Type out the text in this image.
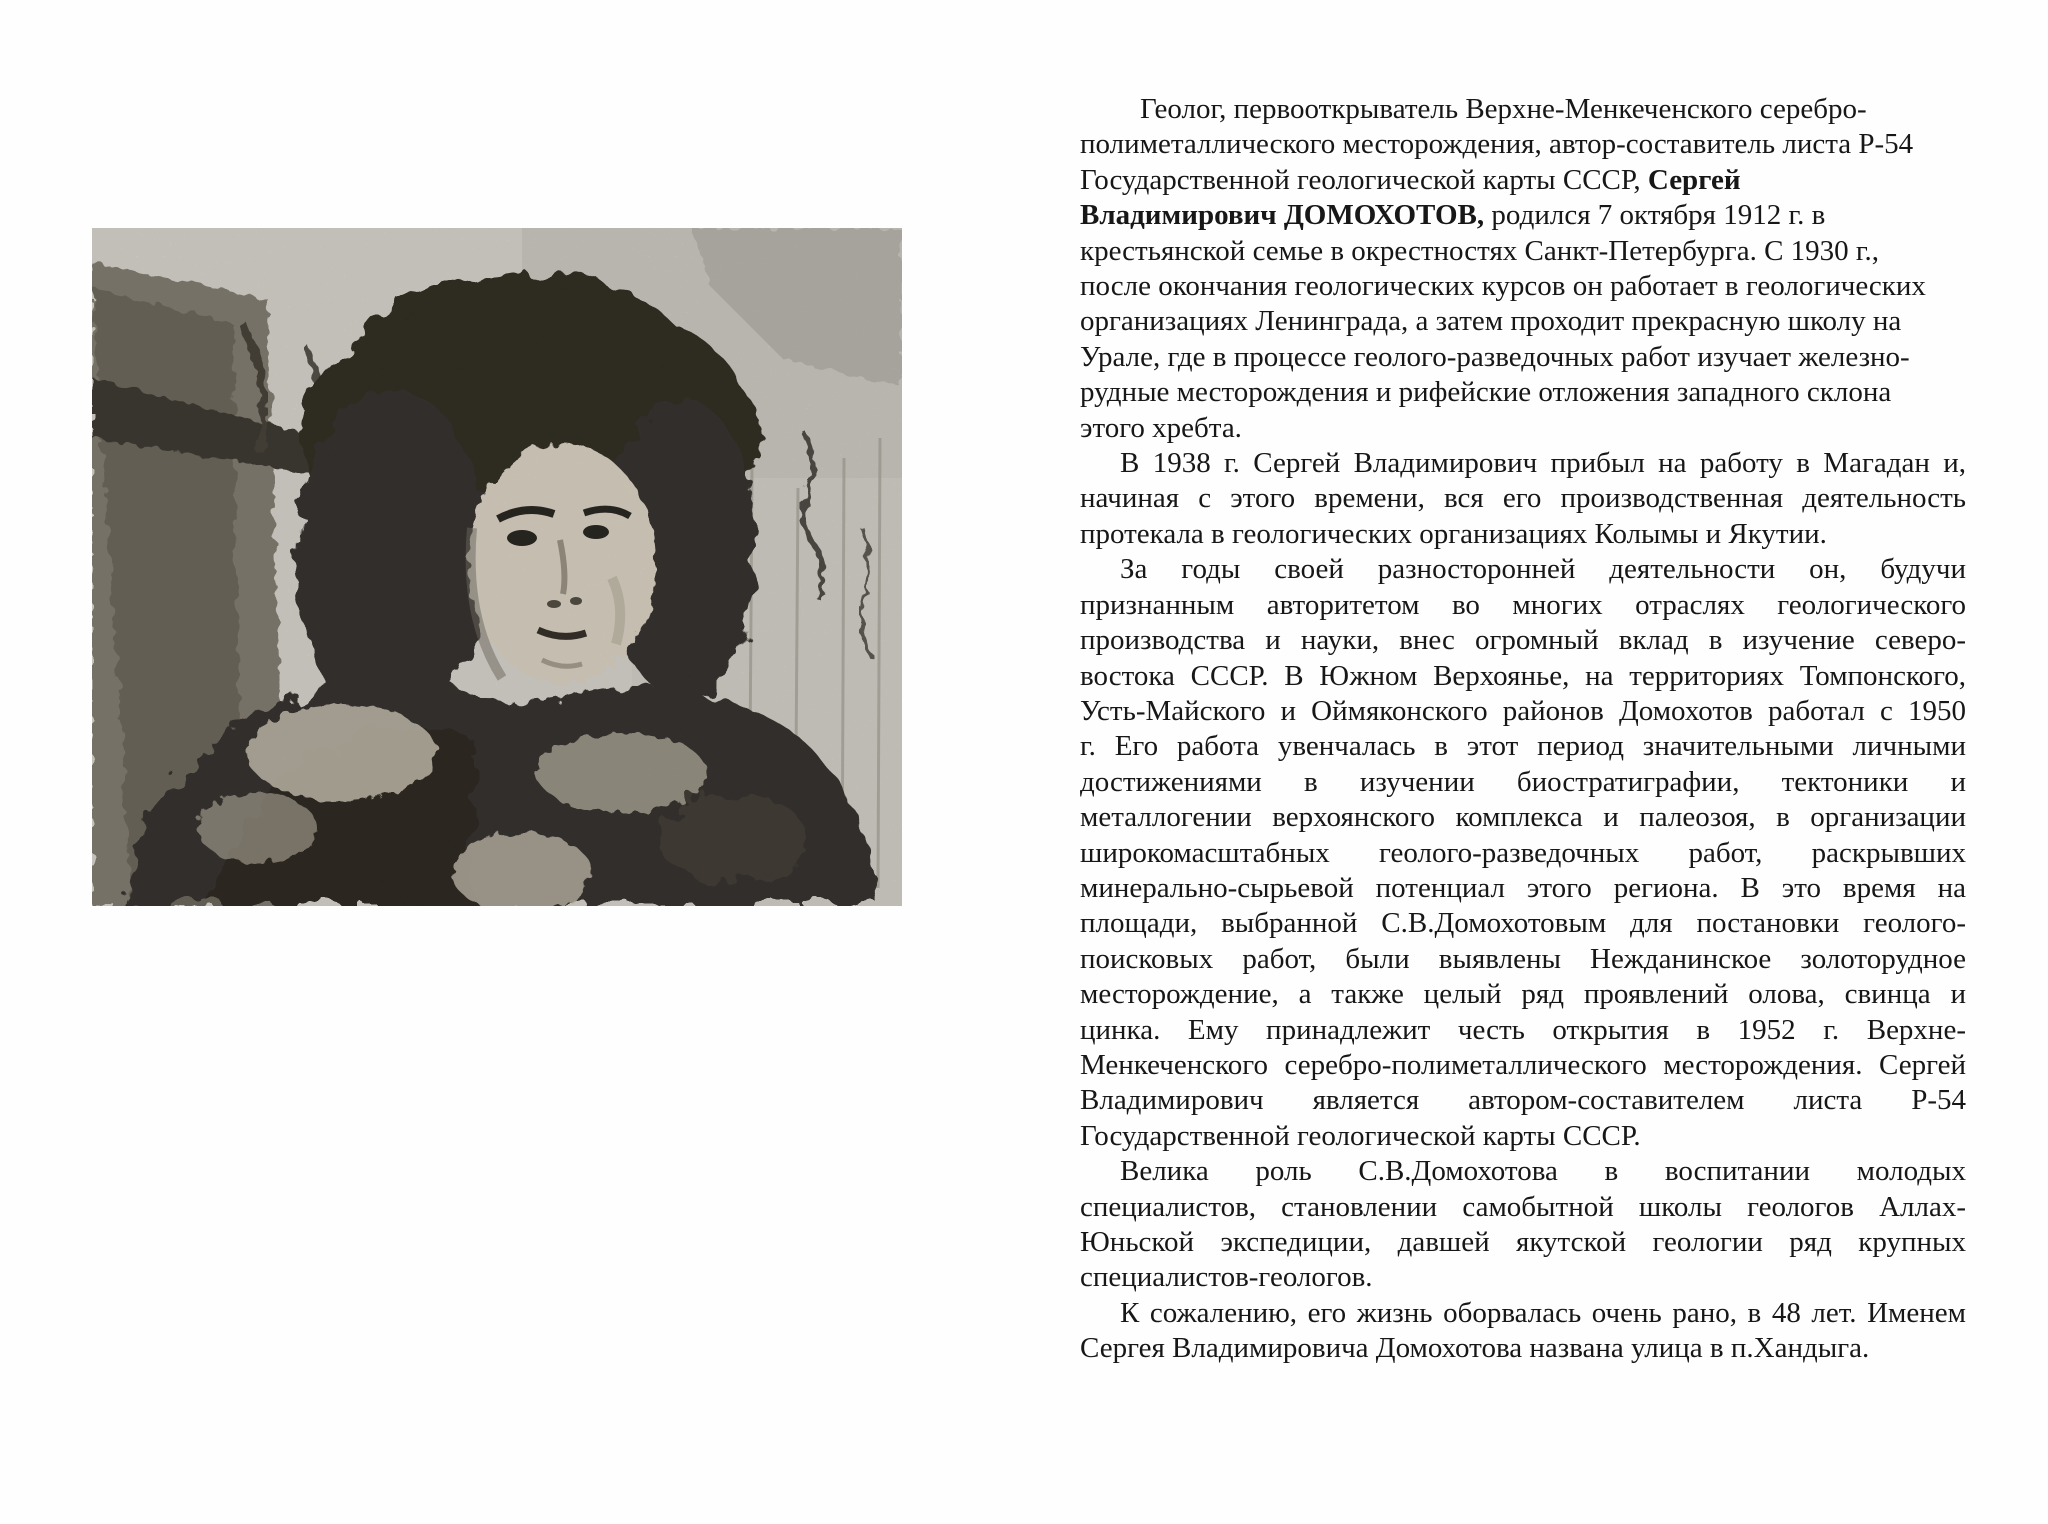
Геолог, первооткрыватель Верхне-Менкеченского серебро-
полиметаллического месторождения, автор-составитель листа Р-54
Государственной геологической карты СССР, Сергей
Владимирович ДОМОХОТОВ, родился 7 октября 1912 г. в
крестьянской семье в окрестностях Санкт-Петербурга. С 1930 г.,
после окончания геологических курсов он работает в геологических
организациях Ленинграда, а затем проходит прекрасную школу на
Урале, где в процессе геолого-разведочных работ изучает железно-
рудные месторождения и рифейские отложения западного склона
этого хребта.
В 1938 г. Сергей Владимирович прибыл на работу в Магадан и,
начиная с этого времени, вся его производственная деятельность
протекала в геологических организациях Колымы и Якутии.
За годы своей разносторонней деятельности он, будучи
признанным авторитетом во многих отраслях геологического
производства и науки, внес огромный вклад в изучение северо-
востока СССР. В Южном Верхоянье, на территориях Томпонского,
Усть-Майского и Оймяконского районов Домохотов работал с 1950
г. Его работа увенчалась в этот период значительными личными
достижениями в изучении биостратиграфии, тектоники и
металлогении верхоянского комплекса и палеозоя, в организации
широкомасштабных геолого-разведочных работ, раскрывших
минерально-сырьевой потенциал этого региона. В это время на
площади, выбранной С.В.Домохотовым для постановки геолого-
поисковых работ, были выявлены Нежданинское золоторудное
месторождение, а также целый ряд проявлений олова, свинца и
цинка. Ему принадлежит честь открытия в 1952 г. Верхне-
Менкеченского серебро-полиметаллического месторождения. Сергей
Владимирович является автором-составителем листа Р-54
Государственной геологической карты СССР.
Велика роль С.В.Домохотова в воспитании молодых
специалистов, становлении самобытной школы геологов Аллах-
Юньской экспедиции, давшей якутской геологии ряд крупных
специалистов-геологов.
К сожалению, его жизнь оборвалась очень рано, в 48 лет. Именем
Сергея Владимировича Домохотова названа улица в п.Хандыга.
